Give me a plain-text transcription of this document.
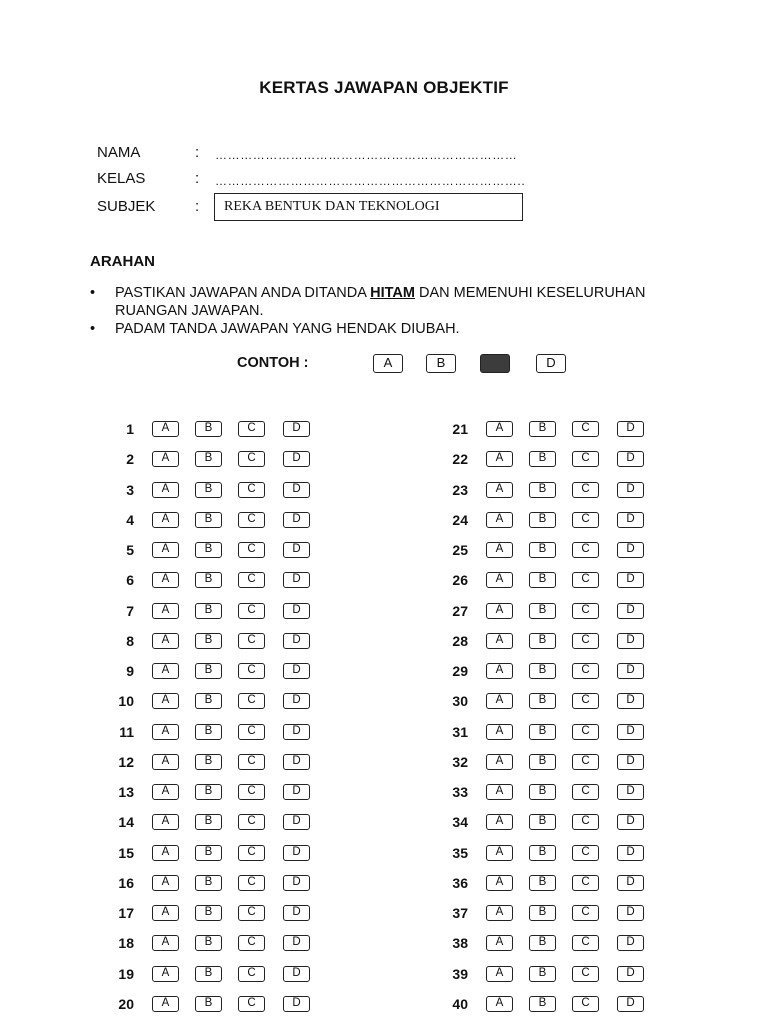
KERTAS JAWAPAN OBJEKTIF
NAMA	: ………………………………………………………………
KELAS	: ………………………………………………………………..
SUBJEK	:	REKA BENTUK DAN TEKNOLOGI
ARAHAN
• PASTIKAN JAWAPAN ANDA DITANDA HITAM DAN MEMENUHI KESELURUHAN RUANGAN JAWAPAN.
• PADAM TANDA JAWAPAN YANG HENDAK DIUBAH.
CONTOH :	A	B	D
1	A	B	C	D
2	A	B	C	D
3	A	B	C	D
4	A	B	C	D
5	A	B	C	D
6	A	B	C	D
7	A	B	C	D
8	A	B	C	D
9	A	B	C	D
10	A	B	C	D
11	A	B	C	D
12	A	B	C	D
13	A	B	C	D
14	A	B	C	D
15	A	B	C	D
16	A	B	C	D
17	A	B	C	D
18	A	B	C	D
19	A	B	C	D
20	A	B	C	D
21	A	B	C	D
22	A	B	C	D
23	A	B	C	D
24	A	B	C	D
25	A	B	C	D
26	A	B	C	D
27	A	B	C	D
28	A	B	C	D
29	A	B	C	D
30	A	B	C	D
31	A	B	C	D
32	A	B	C	D
33	A	B	C	D
34	A	B	C	D
35	A	B	C	D
36	A	B	C	D
37	A	B	C	D
38	A	B	C	D
39	A	B	C	D
40	A	B	C	D
